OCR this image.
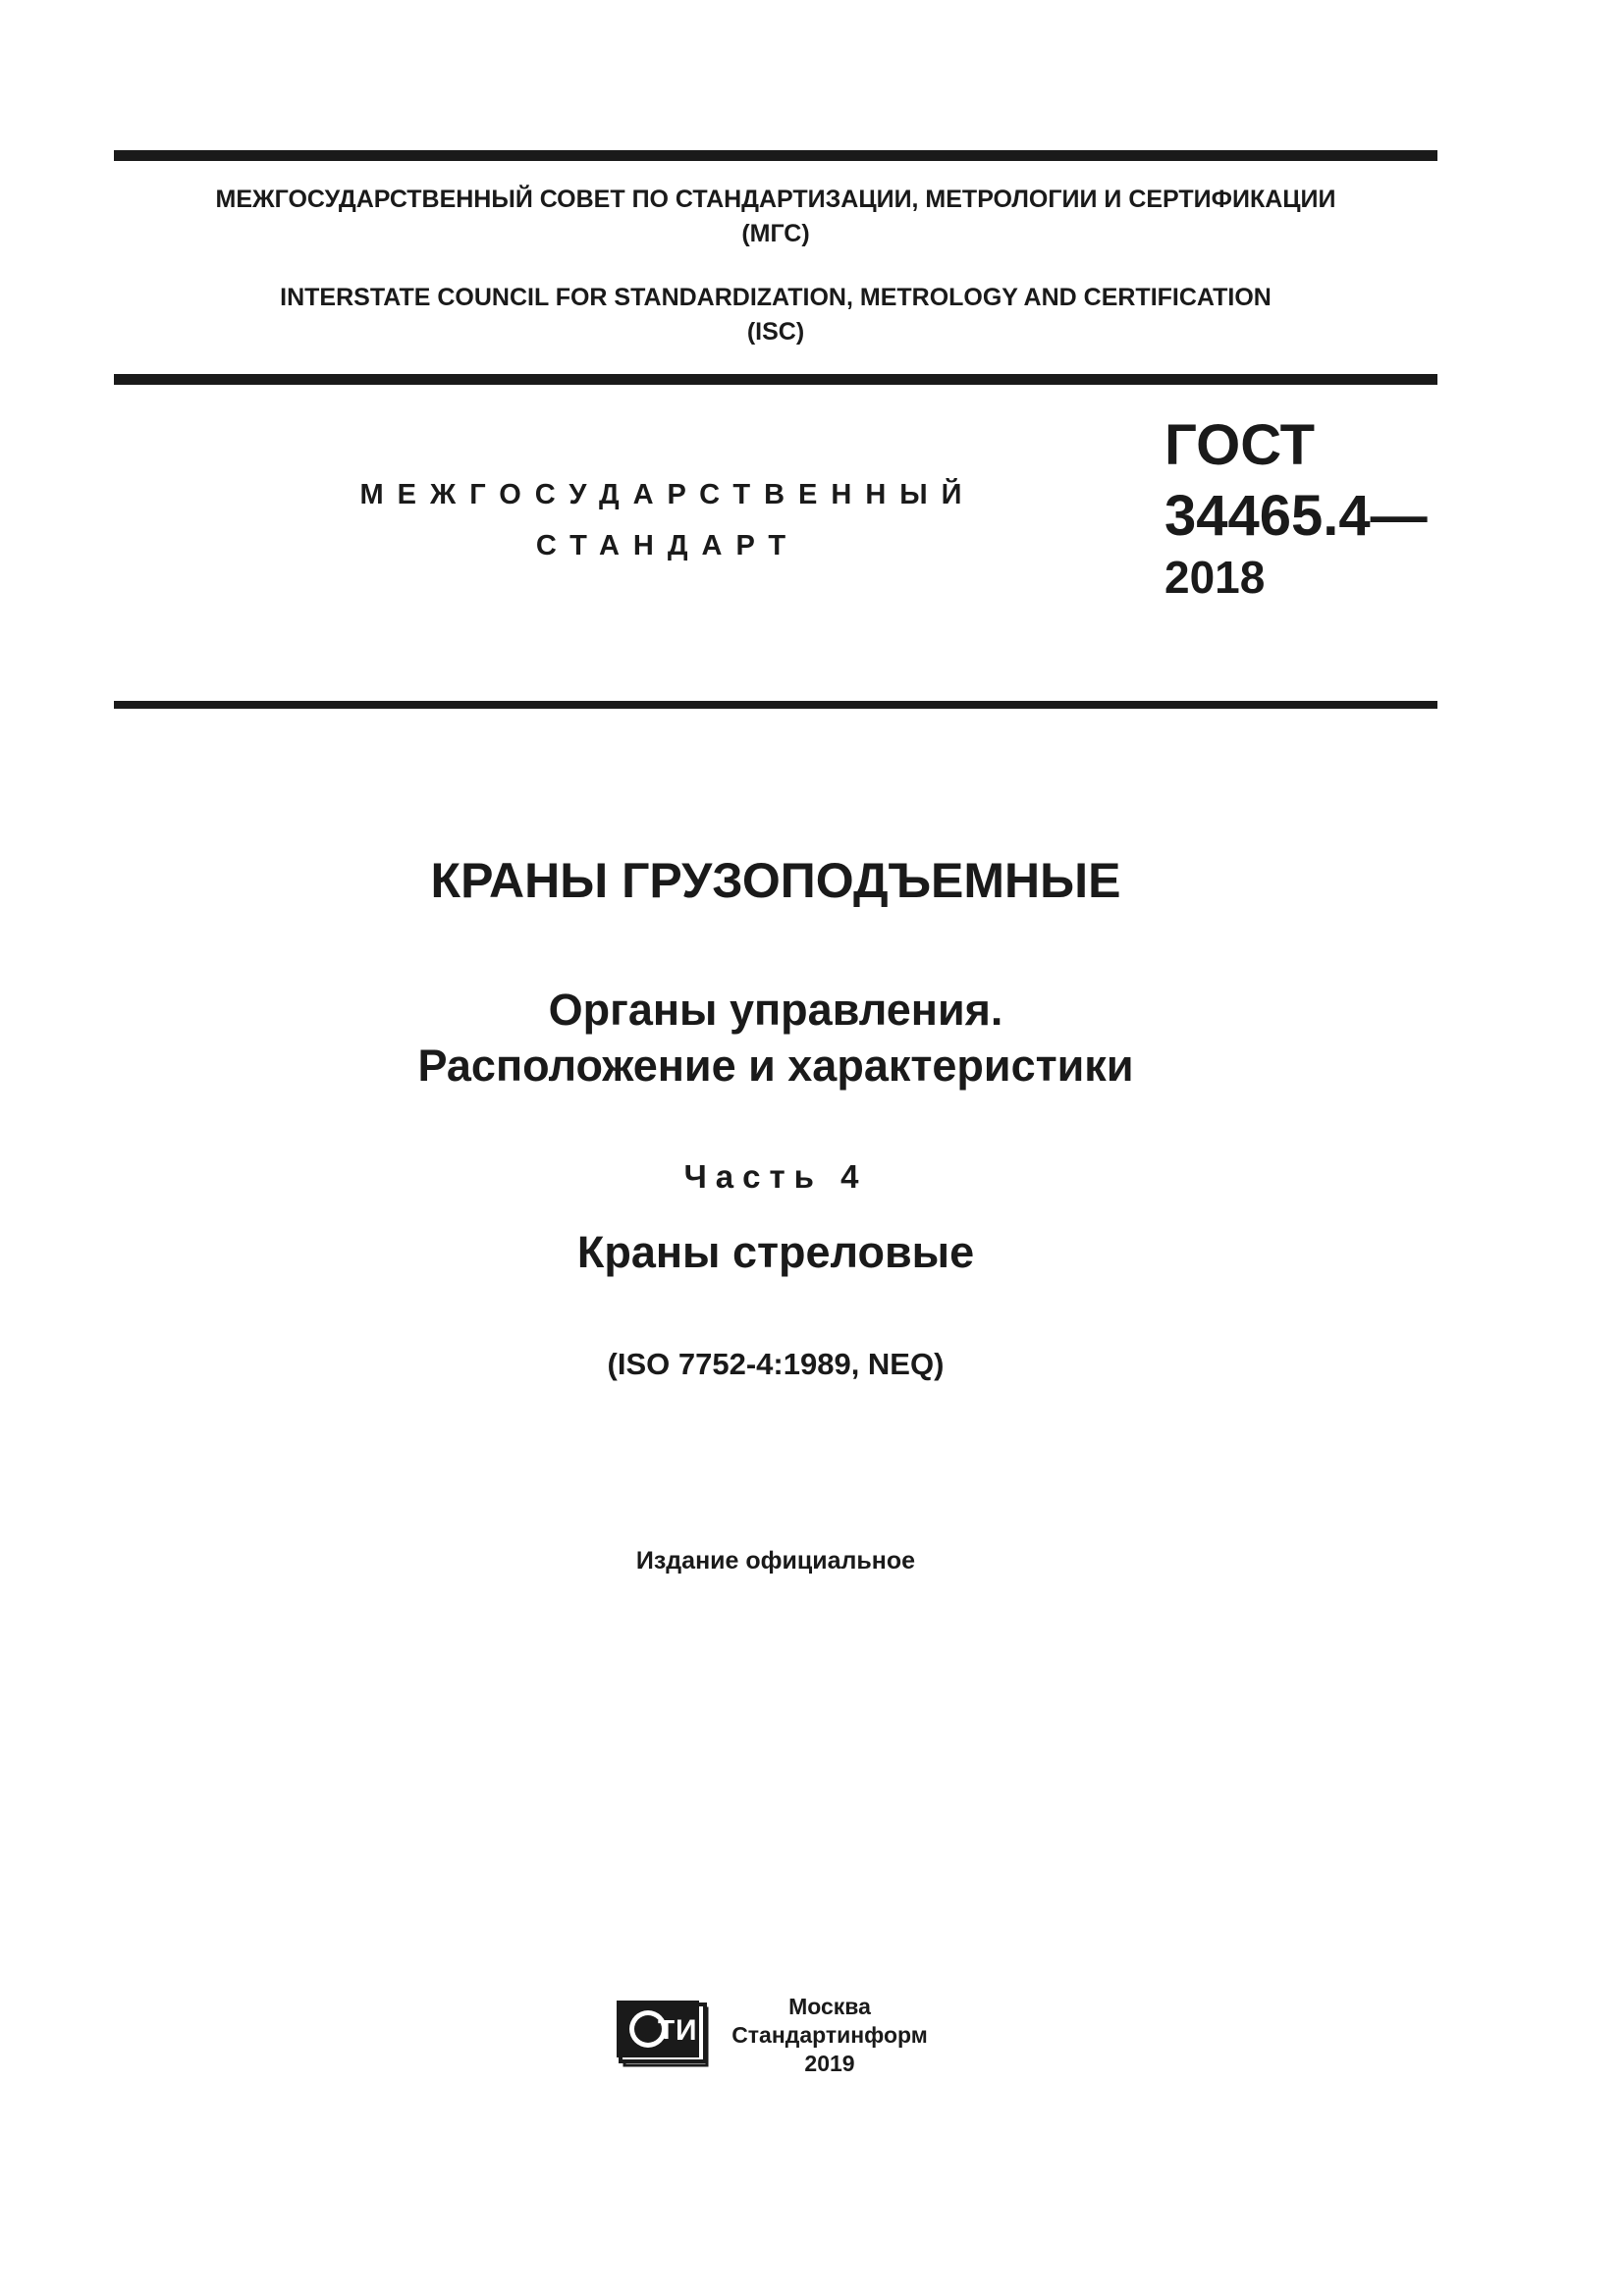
МЕЖГОСУДАРСТВЕННЫЙ СОВЕТ ПО СТАНДАРТИЗАЦИИ, МЕТРОЛОГИИ И СЕРТИФИКАЦИИ
(МГС)
INTERSTATE COUNCIL FOR STANDARDIZATION, METROLOGY AND CERTIFICATION
(ISC)
МЕЖГОСУДАРСТВЕННЫЙ
СТАНДАРТ
ГОСТ
34465.4—
2018
КРАНЫ ГРУЗОПОДЪЕМНЫЕ
Органы управления.
Расположение и характеристики
Часть 4
Краны стреловые
(ISO 7752-4:1989, NEQ)
Издание официальное
Т И
Москва
Стандартинформ
2019
